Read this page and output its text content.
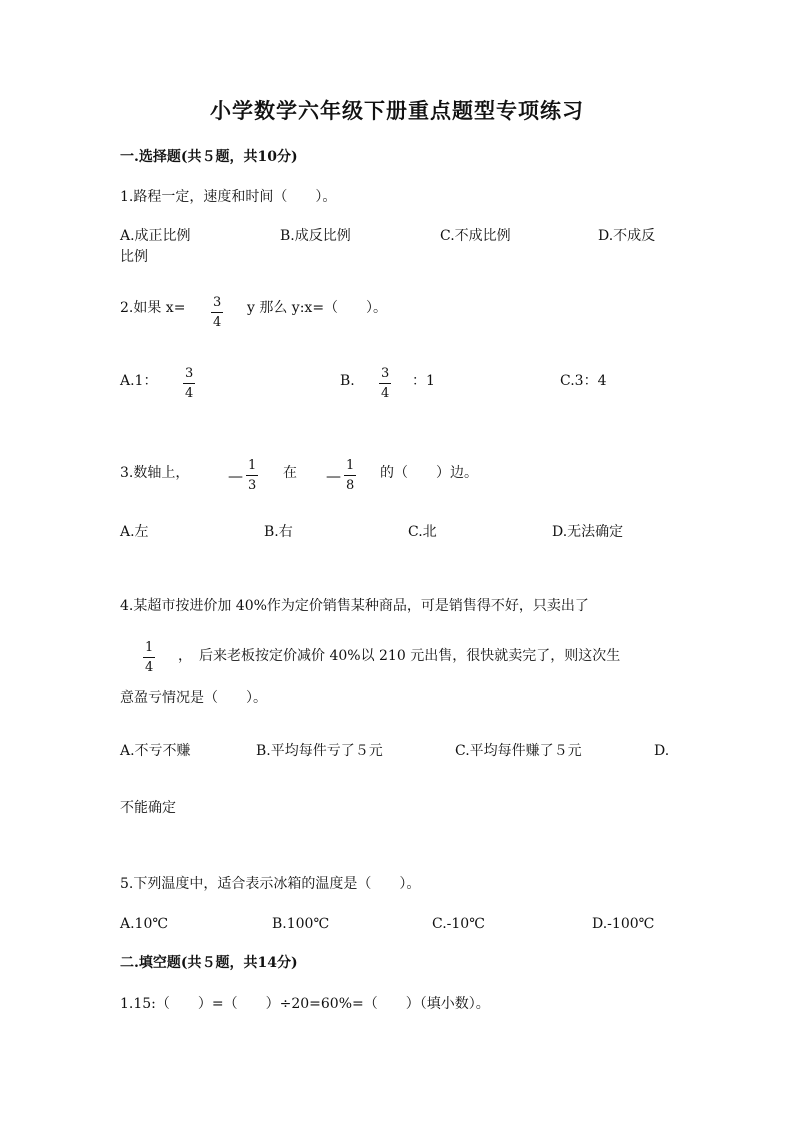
小学数学六年级下册重点题型专项练习
一.选择题(共５题，共10分)
1.路程一定，速度和时间（　　）。
A.成正比例	B.成反比例	C.不成比例	D.不成反
比例
2.如果 x= 3
4
y 那么 y:x=（　　）。
A.1： 3
4
B. 3
4
：1	C.3：4
3.数轴上，	— $\frac{1}{3}$ 在 — $\frac{1}{8}$ 的（　　）边。
A.左	B.右	C.北	D.无法确定
4.某超市按进价加 40%作为定价销售某种商品，可是销售得不好，只卖出了
1
4
，　后来老板按定价减价 40%以 210 元出售，很快就卖完了，则这次生
意盈亏情况是（　　）。
A.不亏不赚	B.平均每件亏了５元	C.平均每件赚了５元	D.
不能确定
5.下列温度中，适合表示冰箱的温度是（　　）。
A.10℃	B.100℃	C.-10℃	D.-100℃
二.填空题(共５题，共14分)
1.15:（　　）=（　　）÷20=60%=（　　）（填小数）。
